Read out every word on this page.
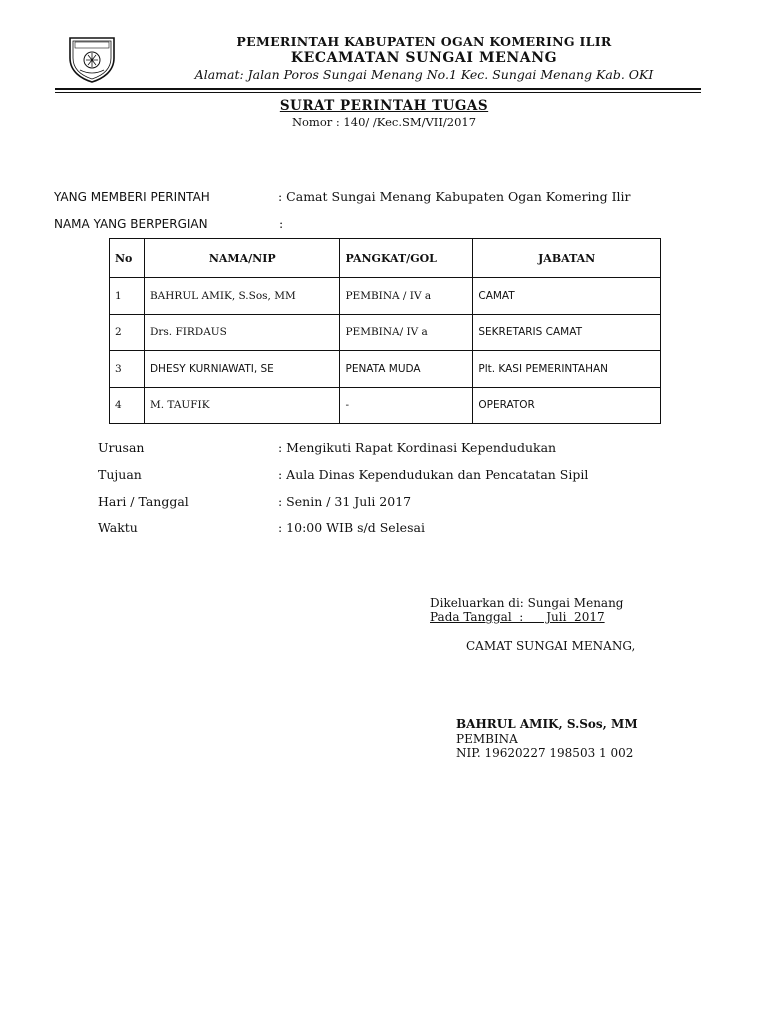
PEMERINTAH KABUPATEN OGAN KOMERING ILIR
KECAMATAN SUNGAI MENANG
Alamat: Jalan Poros Sungai Menang No.1 Kec. Sungai Menang Kab. OKI
SURAT PERINTAH TUGAS
Nomor : 140/ /Kec.SM/VII/2017
YANG MEMBERI PERINTAH	: Camat Sungai Menang Kabupaten Ogan Komering Ilir
NAMA YANG BERPERGIAN	:
No	NAMA/NIP	PANGKAT/GOL	JABATAN
1	BAHRUL AMIK, S.Sos, MM	PEMBINA / IV a	CAMAT
2	Drs. FIRDAUS	PEMBINA/ IV a	SEKRETARIS CAMAT
3	DHESY KURNIAWATI, SE	PENATA MUDA	Plt. KASI PEMERINTAHAN
4	M. TAUFIK	-	OPERATOR
Urusan	: Mengikuti Rapat Kordinasi Kependudukan
Tujuan	: Aula Dinas Kependudukan dan Pencatatan Sipil
Hari / Tanggal	: Senin / 31 Juli 2017
Waktu	: 10:00 WIB s/d Selesai
Dikeluarkan di: Sungai Menang
Pada Tanggal  :      Juli  2017
CAMAT SUNGAI MENANG,
BAHRUL AMIK, S.Sos, MM
PEMBINA
NIP. 19620227 198503 1 002
